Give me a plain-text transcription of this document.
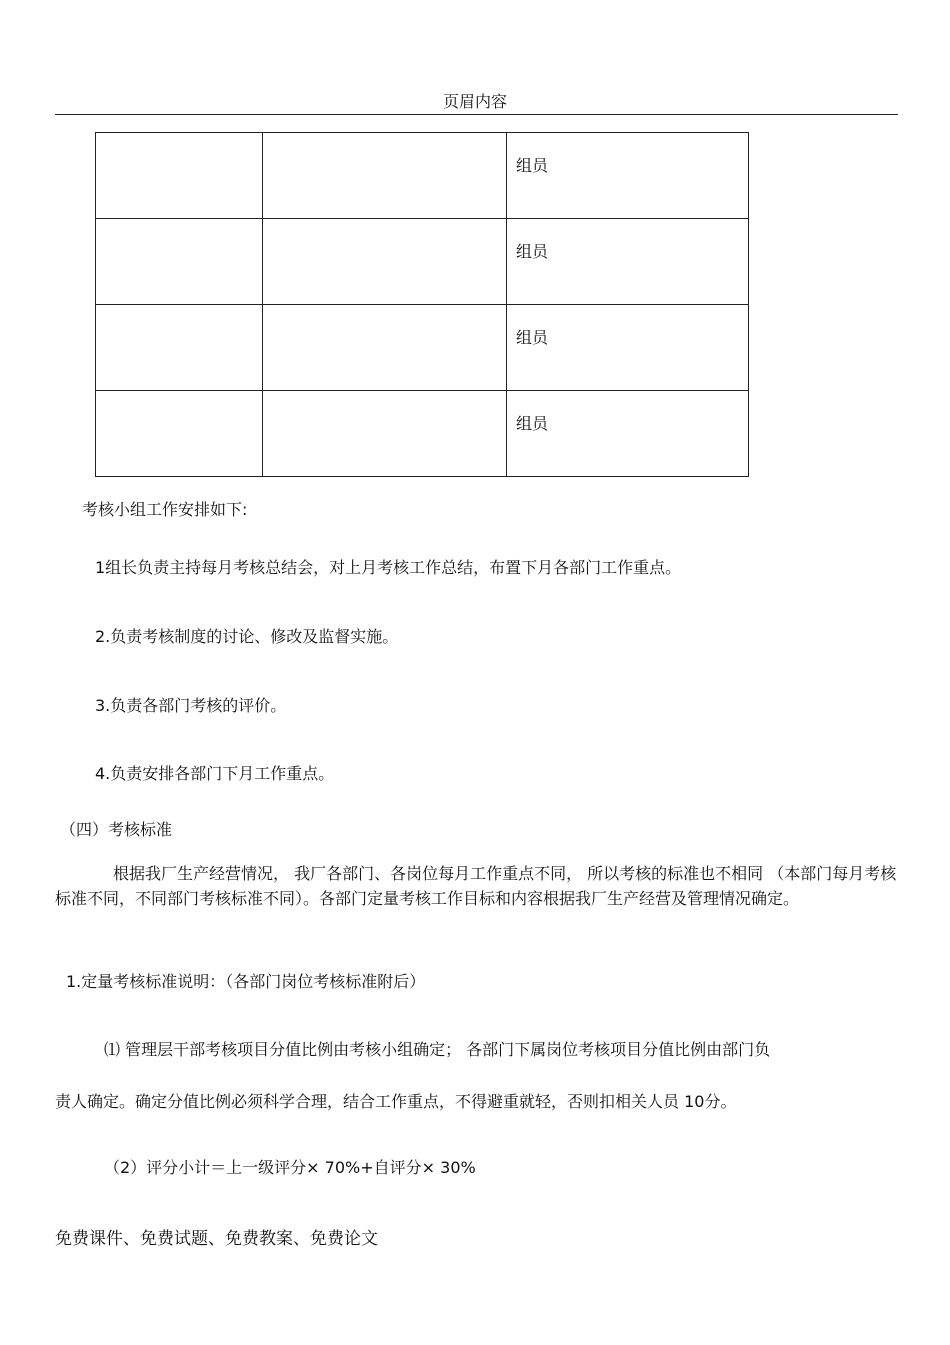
页眉内容

		组员

		组员

		组员

		组员
考核小组工作安排如下:
1组长负责主持每月考核总结会，对上月考核工作总结，布置下月各部门工作重点。
2.负责考核制度的讨论、修改及监督实施。
3.负责各部门考核的评价。
4.负责安排各部门下月工作重点。
（四）考核标准
根据我厂生产经营情况， 我厂各部门、各岗位每月工作重点不同， 所以考核的标准也不相同 （本部门每月考核标准不同，不同部门考核标准不同）。各部门定量考核工作目标和内容根据我厂生产经营及管理情况确定。
1.定量考核标准说明：（各部门岗位考核标准附后）
⑴ 管理层干部考核项目分值比例由考核小组确定； 各部门下属岗位考核项目分值比例由部门负
责人确定。确定分值比例必须科学合理，结合工作重点，不得避重就轻，否则扣相关人员 10分。
（2）评分小计＝上一级评分× 70%+自评分× 30%
免费课件、免费试题、免费教案、免费论文
